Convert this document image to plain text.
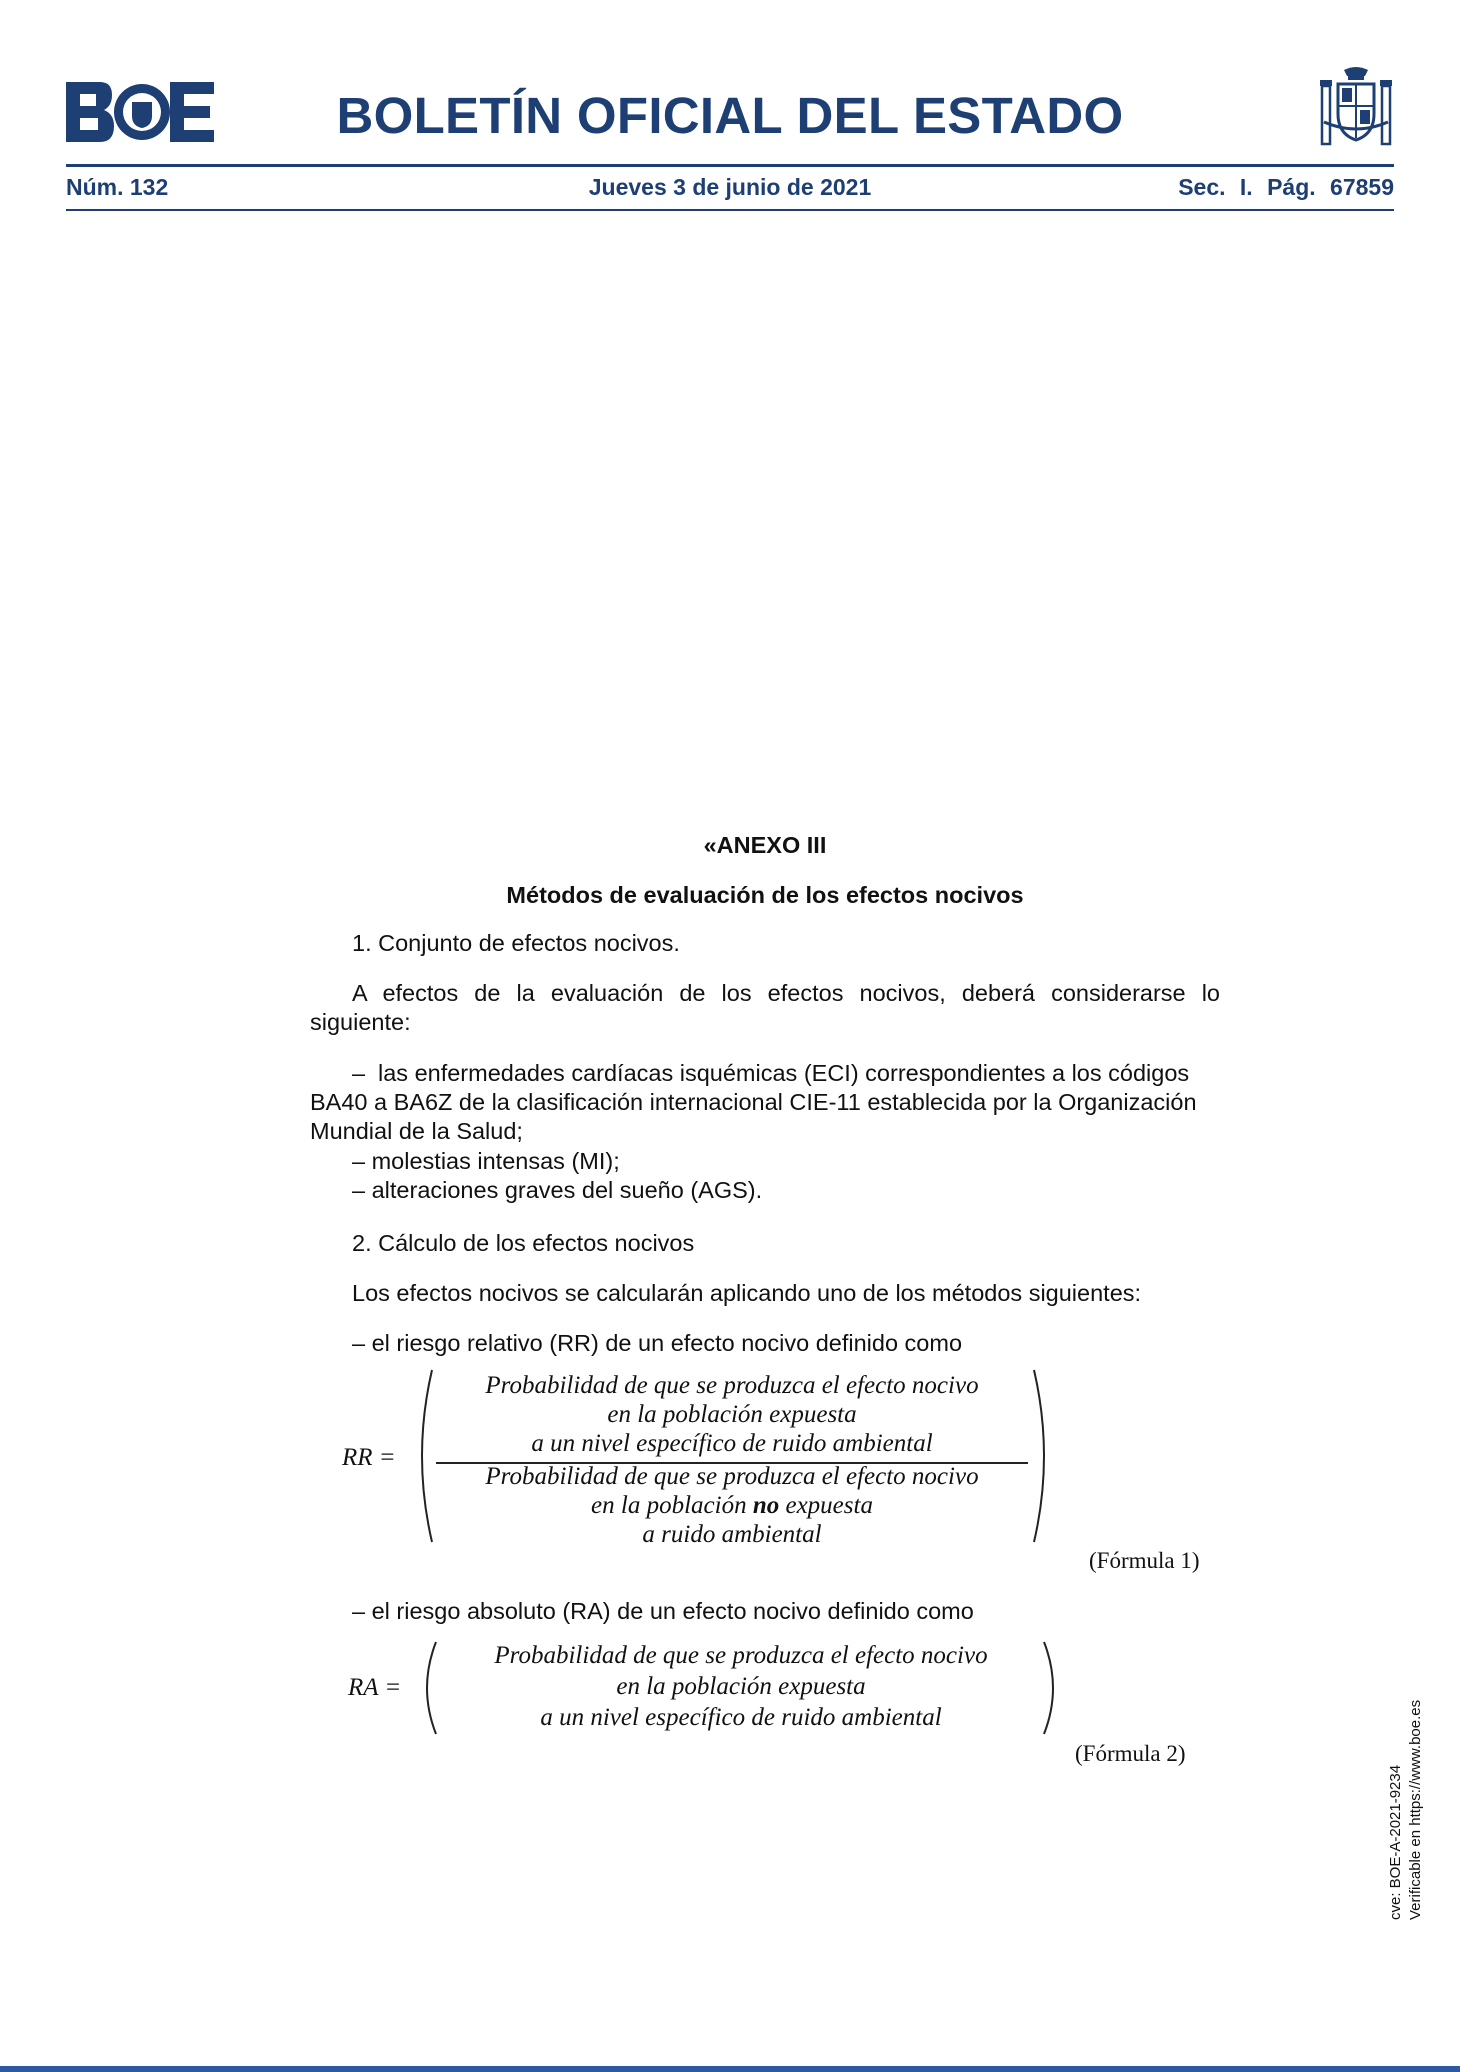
BOLETÍN OFICIAL DEL ESTADO
Núm. 132	Jueves 3 de junio de 2021	Sec. I. Pág. 67859
«ANEXO III
Métodos de evaluación de los efectos nocivos
1. Conjunto de efectos nocivos.
A efectos de la evaluación de los efectos nocivos, deberá considerarse lo siguiente:
– las enfermedades cardíacas isquémicas (ECI) correspondientes a los códigos BA40 a BA6Z de la clasificación internacional CIE-11 establecida por la Organización Mundial de la Salud;
– molestias intensas (MI);
– alteraciones graves del sueño (AGS).
2. Cálculo de los efectos nocivos
Los efectos nocivos se calcularán aplicando uno de los métodos siguientes:
– el riesgo relativo (RR) de un efecto nocivo definido como
RR =
Probabilidad de que se produzca el efecto nocivo
en la población expuesta
a un nivel específico de ruido ambiental
Probabilidad de que se produzca el efecto nocivo
en la población no expuesta
a ruido ambiental
(Fórmula 1)
– el riesgo absoluto (RA) de un efecto nocivo definido como
RA =
Probabilidad de que se produzca el efecto nocivo
en la población expuesta
a un nivel específico de ruido ambiental
(Fórmula 2)
cve: BOE-A-2021-9234 Verificable en https://www.boe.es
